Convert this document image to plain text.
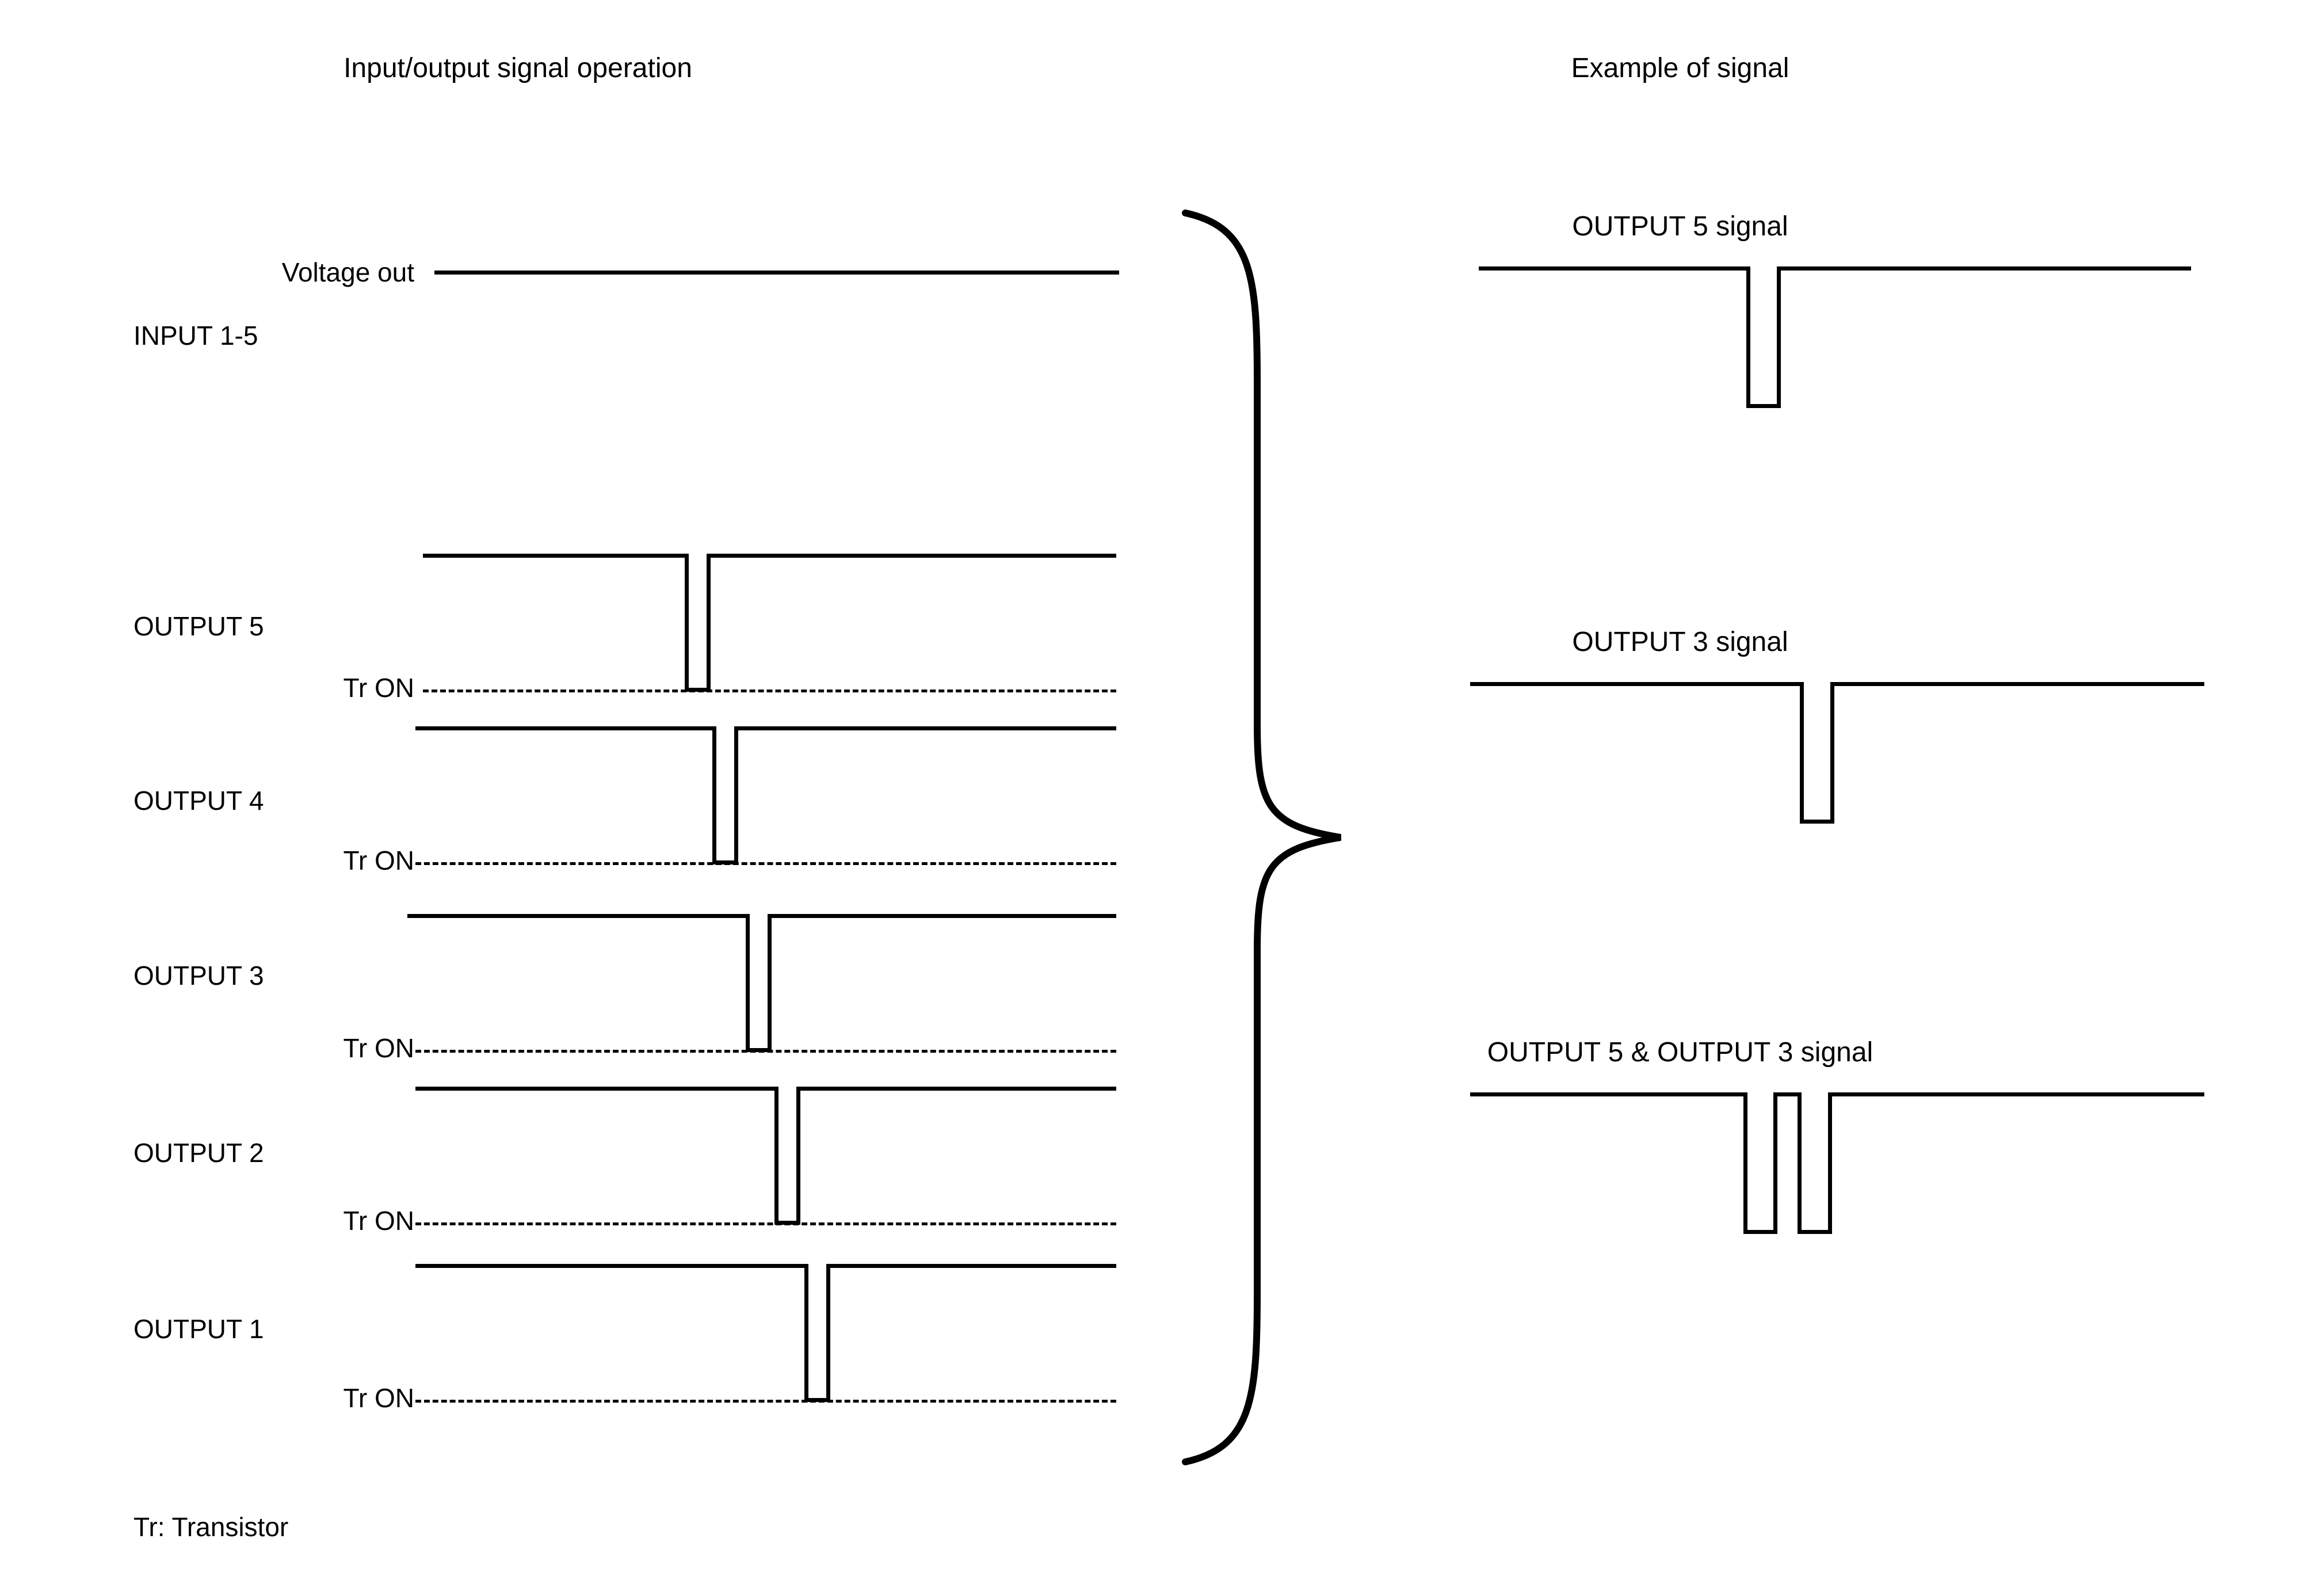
Input/output signal operation	Example of signal
Voltage out
INPUT 1-5
OUTPUT 5
Tr ON
OUTPUT 4
Tr ON
OUTPUT 3
Tr ON
OUTPUT 2
Tr ON
OUTPUT 1
Tr ON
Tr: Transistor
OUTPUT 5 signal
OUTPUT 3 signal
OUTPUT 5 & OUTPUT 3 signal
